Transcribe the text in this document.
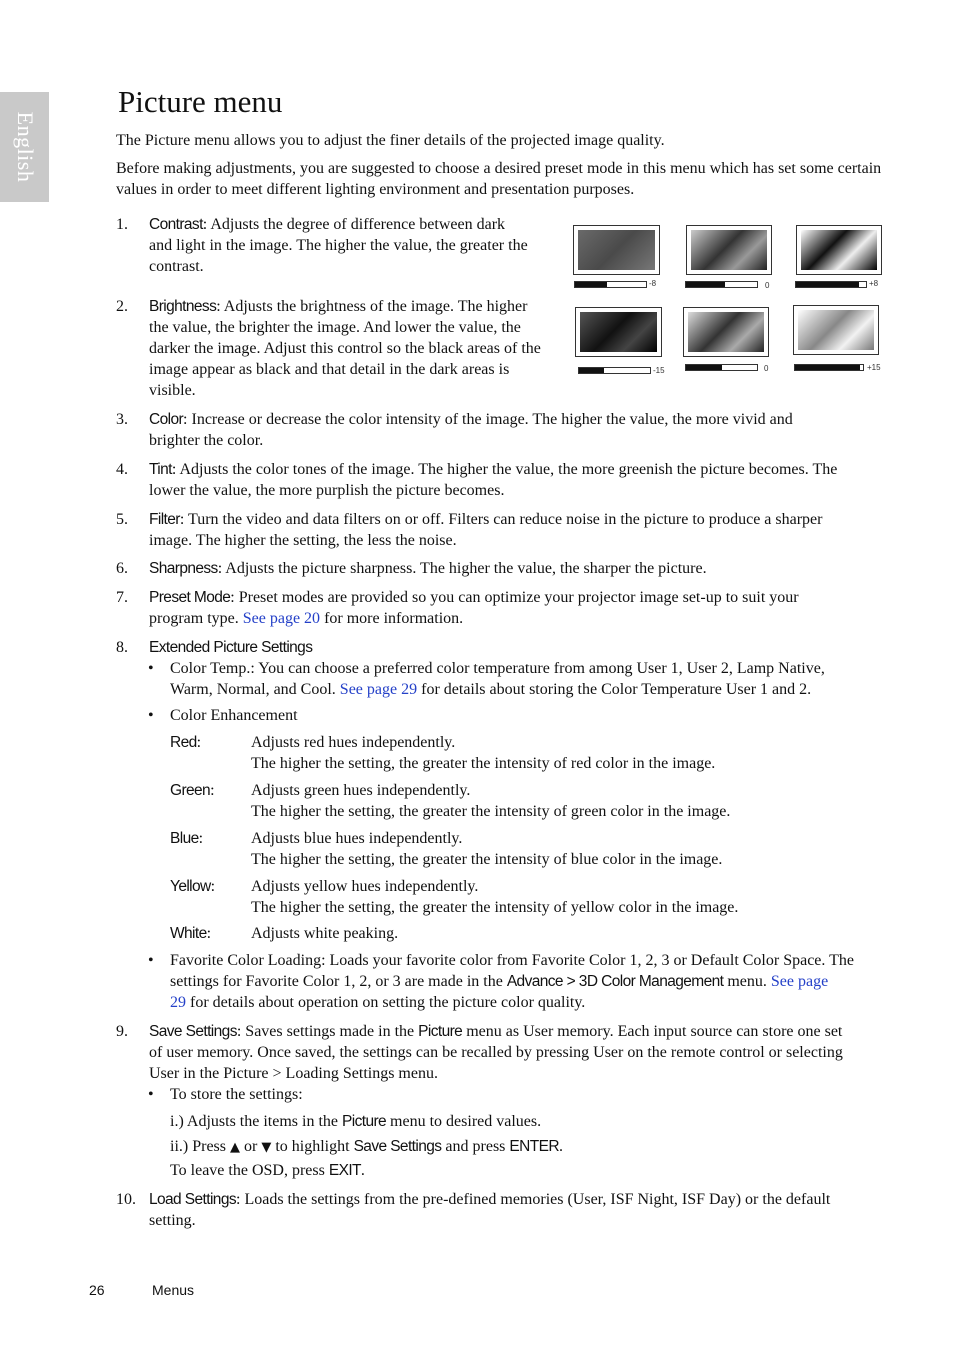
English
Picture menu
The Picture menu allows you to adjust the finer details of the projected image quality.
Before making adjustments, you are suggested to choose a desired preset mode in this menu which has set some certain values in order to meet different lighting environment and presentation purposes.
1.	Contrast: Adjusts the degree of difference between dark
and light in the image. The higher the value, the greater the
contrast.
-8	0	+8
2.	Brightness: Adjusts the brightness of the image. The higher
the value, the brighter the image. And lower the value, the
darker the image. Adjust this control so the black areas of the
image appear as black and that detail in the dark areas is
visible.
-15	0	+15
3.	Color: Increase or decrease the color intensity of the image. The higher the value, the more vivid and
brighter the color.
4.	Tint: Adjusts the color tones of the image. The higher the value, the more greenish the picture becomes. The
lower the value, the more purplish the picture becomes.
5.	Filter: Turn the video and data filters on or off. Filters can reduce noise in the picture to produce a sharper
image. The higher the setting, the less the noise.
6.	Sharpness: Adjusts the picture sharpness. The higher the value, the sharper the picture.
7.	Preset Mode: Preset modes are provided so you can optimize your projector image set-up to suit your
program type. See page 20 for more information.
8.	Extended Picture Settings
• Color Temp.: You can choose a preferred color temperature from among User 1, User 2, Lamp Native,
Warm, Normal, and Cool. See page 29 for details about storing the Color Temperature User 1 and 2.
• Color Enhancement
Red:	Adjusts red hues independently.
The higher the setting, the greater the intensity of red color in the image.
Green: Adjusts green hues independently.
The higher the setting, the greater the intensity of green color in the image.
Blue:	Adjusts blue hues independently.
The higher the setting, the greater the intensity of blue color in the image.
Yellow: Adjusts yellow hues independently.
The higher the setting, the greater the intensity of yellow color in the image.
White: Adjusts white peaking.
• Favorite Color Loading: Loads your favorite color from Favorite Color 1, 2, 3 or Default Color Space. The
settings for Favorite Color 1, 2, or 3 are made in the Advance > 3D Color Management menu. See page
29 for details about operation on setting the picture color quality.
9.	Save Settings: Saves settings made in the Picture menu as User memory. Each input source can store one set
of user memory. Once saved, the settings can be recalled by pressing User on the remote control or selecting
User in the Picture > Loading Settings menu.
• To store the settings:
i.) Adjusts the items in the Picture menu to desired values.
ii.) Press ▲ or ▼ to highlight Save Settings and press ENTER.
To leave the OSD, press EXIT.
10. Load Settings: Loads the settings from the pre-defined memories (User, ISF Night, ISF Day) or the default
setting.
26	Menus
